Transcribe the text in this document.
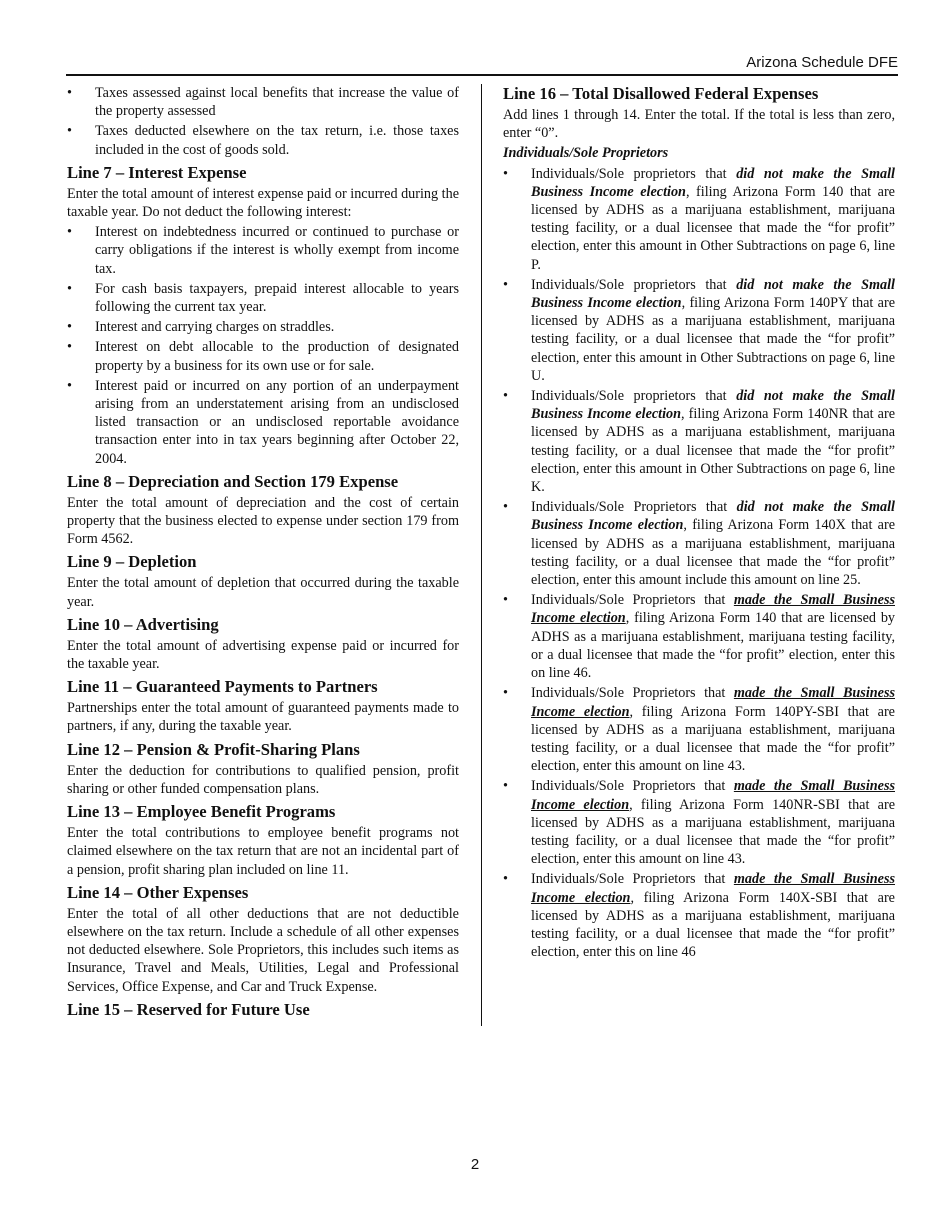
Arizona Schedule DFE
• Taxes assessed against local benefits that increase the value of the property assessed
• Taxes deducted elsewhere on the tax return, i.e. those taxes included in the cost of goods sold.
Line 7 – Interest Expense

Enter the total amount of interest expense paid or incurred during the taxable year. Do not deduct the following interest:

• Interest on indebtedness incurred or continued to purchase or carry obligations if the interest is wholly exempt from income tax.
• For cash basis taxpayers, prepaid interest allocable to years following the current tax year.
• Interest and carrying charges on straddles.
• Interest on debt allocable to the production of designated property by a business for its own use or for sale.
• Interest paid or incurred on any portion of an underpayment arising from an understatement arising from an undisclosed listed transaction or an undisclosed reportable avoidance transaction enter into in tax years beginning after October 22, 2004.
Line 8 – Depreciation and Section 179 Expense

Enter the total amount of depreciation and the cost of certain property that the business elected to expense under section 179 from Form 4562.

Line 9 – Depletion

Enter the total amount of depletion that occurred during the taxable year.

Line 10 – Advertising

Enter the total amount of advertising expense paid or incurred for the taxable year.

Line 11 – Guaranteed Payments to Partners

Partnerships enter the total amount of guaranteed payments made to partners, if any, during the taxable year.

Line 12 – Pension & Profit-Sharing Plans

Enter the deduction for contributions to qualified pension, profit sharing or other funded compensation plans.

Line 13 – Employee Benefit Programs

Enter the total contributions to employee benefit programs not claimed elsewhere on the tax return that are not an incidental part of a pension, profit sharing plan included on line 11.

Line 14 – Other Expenses

Enter the total of all other deductions that are not deductible elsewhere on the tax return. Include a schedule of all other expenses not deducted elsewhere. Sole Proprietors, this includes such items as Insurance, Travel and Meals, Utilities, Legal and Professional Services, Office Expense, and Car and Truck Expense.

Line 15 – Reserved for Future Use
Line 16 – Total Disallowed Federal Expenses

Add lines 1 through 14. Enter the total. If the total is less than zero, enter “0”.

Individuals/Sole Proprietors

• Individuals/Sole proprietors that did not make the Small Business Income election, filing Arizona Form 140 that are licensed by ADHS as a marijuana establishment, marijuana testing facility, or a dual licensee that made the “for profit” election, enter this amount in Other Subtractions on page 6, line P.
• Individuals/Sole proprietors that did not make the Small Business Income election, filing Arizona Form 140PY that are licensed by ADHS as a marijuana establishment, marijuana testing facility, or a dual licensee that made the “for profit” election, enter this amount in Other Subtractions on page 6, line U.
• Individuals/Sole proprietors that did not make the Small Business Income election, filing Arizona Form 140NR that are licensed by ADHS as a marijuana establishment, marijuana testing facility, or a dual licensee that made the “for profit” election, enter this amount in Other Subtractions on page 6, line K.
• Individuals/Sole Proprietors that did not make the Small Business Income election, filing Arizona Form 140X that are licensed by ADHS as a marijuana establishment, marijuana testing facility, or a dual licensee that made the “for profit” election, enter this amount include this amount on line 25.
• Individuals/Sole Proprietors that made the Small Business Income election, filing Arizona Form 140 that are licensed by ADHS as a marijuana establishment, marijuana testing facility, or a dual licensee that made the “for profit” election, enter this on line 46.
• Individuals/Sole Proprietors that made the Small Business Income election, filing Arizona Form 140PY-SBI that are licensed by ADHS as a marijuana establishment, marijuana testing facility, or a dual licensee that made the “for profit” election, enter this amount on line 43.
• Individuals/Sole Proprietors that made the Small Business Income election, filing Arizona Form 140NR-SBI that are licensed by ADHS as a marijuana establishment, marijuana testing facility, or a dual licensee that made the “for profit” election, enter this amount on line 43.
• Individuals/Sole Proprietors that made the Small Business Income election, filing Arizona Form 140X-SBI that are licensed by ADHS as a marijuana establishment, marijuana testing facility, or a dual licensee that made the “for profit” election, enter this on line 46
2
